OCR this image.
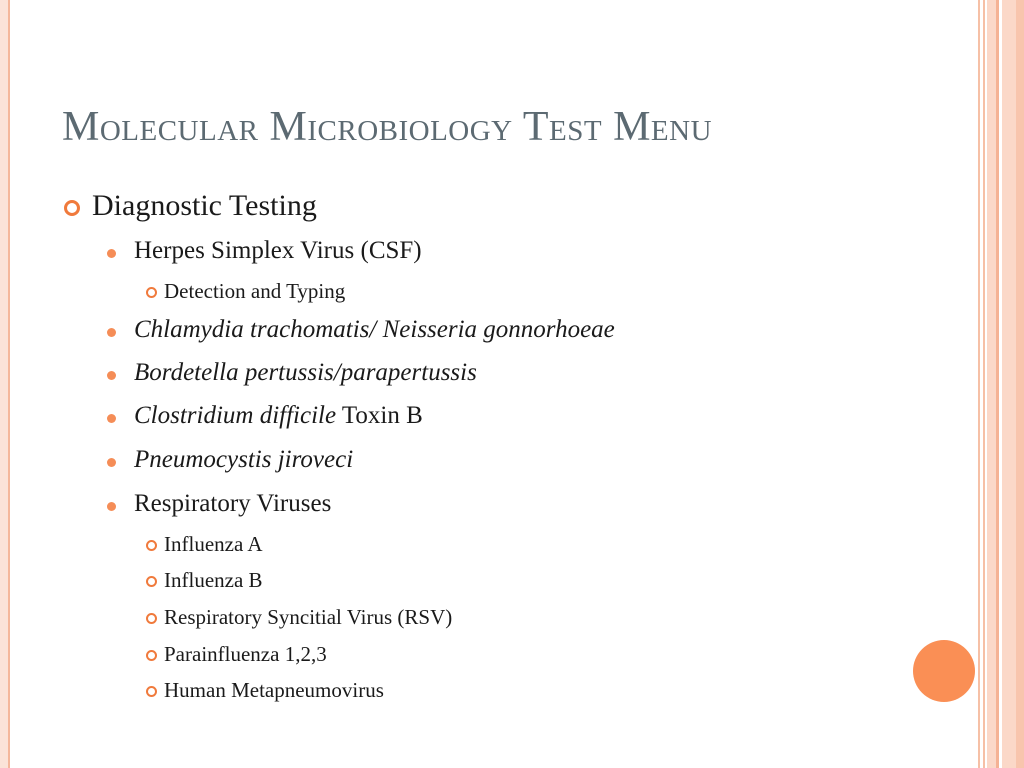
Molecular Microbiology Test Menu
Diagnostic Testing
Herpes Simplex Virus (CSF)
Detection and Typing
Chlamydia trachomatis/ Neisseria gonnorhoeae
Bordetella pertussis/parapertussis
Clostridium difficile Toxin B
Pneumocystis jiroveci
Respiratory Viruses
Influenza A
Influenza B
Respiratory Syncitial Virus (RSV)
Parainfluenza 1,2,3
Human Metapneumovirus
